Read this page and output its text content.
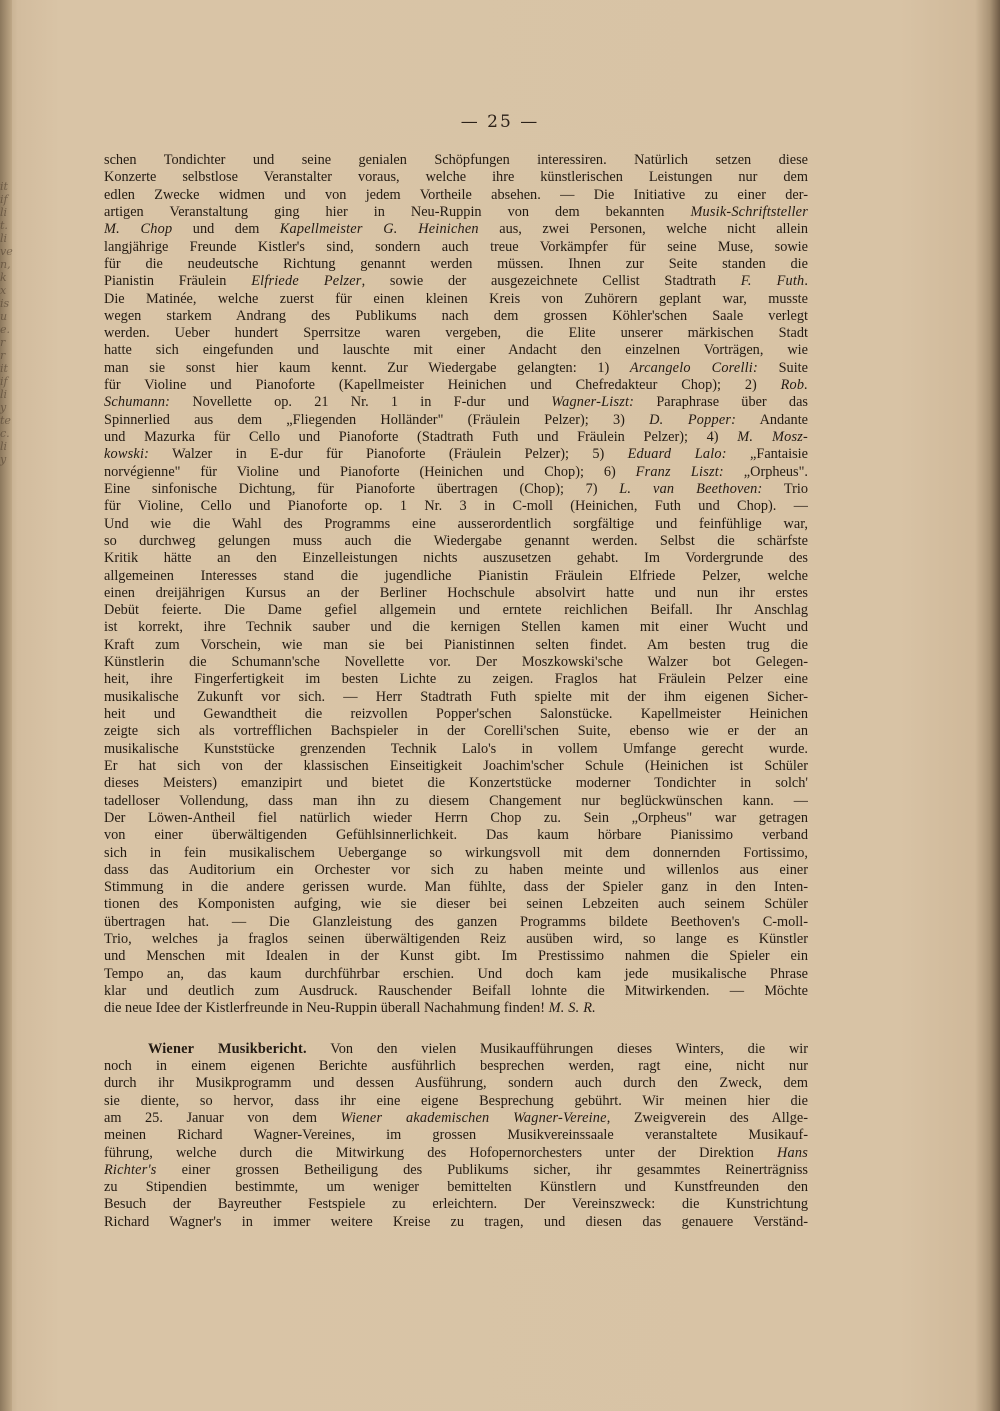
it
if
li
t.
li
ve
n,
k
x
is
u
e.
r
r
it
if
li
y
te
c.
li
y
— 25 —
schen Tondichter und seine genialen Schöpfungen interessiren. Natürlich setzen diese
Konzerte selbstlose Veranstalter voraus, welche ihre künstlerischen Leistungen nur dem
edlen Zwecke widmen und von jedem Vortheile absehen. — Die Initiative zu einer der-
artigen Veranstaltung ging hier in Neu-Ruppin von dem bekannten Musik-Schriftsteller
M. Chop und dem Kapellmeister G. Heinichen aus, zwei Personen, welche nicht allein
langjährige Freunde Kistler's sind, sondern auch treue Vorkämpfer für seine Muse, sowie
für die neudeutsche Richtung genannt werden müssen. Ihnen zur Seite standen die
Pianistin Fräulein Elfriede Pelzer, sowie der ausgezeichnete Cellist Stadtrath F. Futh.
Die Matinée, welche zuerst für einen kleinen Kreis von Zuhörern geplant war, musste
wegen starkem Andrang des Publikums nach dem grossen Köhler'schen Saale verlegt
werden. Ueber hundert Sperrsitze waren vergeben, die Elite unserer märkischen Stadt
hatte sich eingefunden und lauschte mit einer Andacht den einzelnen Vorträgen, wie
man sie sonst hier kaum kennt. Zur Wiedergabe gelangten: 1) Arcangelo Corelli: Suite
für Violine und Pianoforte (Kapellmeister Heinichen und Chefredakteur Chop); 2) Rob.
Schumann: Novellette op. 21 Nr. 1 in F-dur und Wagner-Liszt: Paraphrase über das
Spinnerlied aus dem „Fliegenden Holländer" (Fräulein Pelzer); 3) D. Popper: Andante
und Mazurka für Cello und Pianoforte (Stadtrath Futh und Fräulein Pelzer); 4) M. Mosz-
kowski: Walzer in E-dur für Pianoforte (Fräulein Pelzer); 5) Eduard Lalo: „Fantaisie
norvégienne" für Violine und Pianoforte (Heinichen und Chop); 6) Franz Liszt: „Orpheus".
Eine sinfonische Dichtung, für Pianoforte übertragen (Chop); 7) L. van Beethoven: Trio
für Violine, Cello und Pianoforte op. 1 Nr. 3 in C-moll (Heinichen, Futh und Chop). —
Und wie die Wahl des Programms eine ausserordentlich sorgfältige und feinfühlige war,
so durchweg gelungen muss auch die Wiedergabe genannt werden. Selbst die schärfste
Kritik hätte an den Einzelleistungen nichts auszusetzen gehabt. Im Vordergrunde des
allgemeinen Interesses stand die jugendliche Pianistin Fräulein Elfriede Pelzer, welche
einen dreijährigen Kursus an der Berliner Hochschule absolvirt hatte und nun ihr erstes
Debüt feierte. Die Dame gefiel allgemein und erntete reichlichen Beifall. Ihr Anschlag
ist korrekt, ihre Technik sauber und die kernigen Stellen kamen mit einer Wucht und
Kraft zum Vorschein, wie man sie bei Pianistinnen selten findet. Am besten trug die
Künstlerin die Schumann'sche Novellette vor. Der Moszkowski'sche Walzer bot Gelegen-
heit, ihre Fingerfertigkeit im besten Lichte zu zeigen. Fraglos hat Fräulein Pelzer eine
musikalische Zukunft vor sich. — Herr Stadtrath Futh spielte mit der ihm eigenen Sicher-
heit und Gewandtheit die reizvollen Popper'schen Salonstücke. Kapellmeister Heinichen
zeigte sich als vortrefflichen Bachspieler in der Corelli'schen Suite, ebenso wie er der an
musikalische Kunststücke grenzenden Technik Lalo's in vollem Umfange gerecht wurde.
Er hat sich von der klassischen Einseitigkeit Joachim'scher Schule (Heinichen ist Schüler
dieses Meisters) emanzipirt und bietet die Konzertstücke moderner Tondichter in solch'
tadelloser Vollendung, dass man ihn zu diesem Changement nur beglückwünschen kann. —
Der Löwen-Antheil fiel natürlich wieder Herrn Chop zu. Sein „Orpheus" war getragen
von einer überwältigenden Gefühlsinnerlichkeit. Das kaum hörbare Pianissimo verband
sich in fein musikalischem Uebergange so wirkungsvoll mit dem donnernden Fortissimo,
dass das Auditorium ein Orchester vor sich zu haben meinte und willenlos aus einer
Stimmung in die andere gerissen wurde. Man fühlte, dass der Spieler ganz in den Inten-
tionen des Komponisten aufging, wie sie dieser bei seinen Lebzeiten auch seinem Schüler
übertragen hat. — Die Glanzleistung des ganzen Programms bildete Beethoven's C-moll-
Trio, welches ja fraglos seinen überwältigenden Reiz ausüben wird, so lange es Künstler
und Menschen mit Idealen in der Kunst gibt. Im Prestissimo nahmen die Spieler ein
Tempo an, das kaum durchführbar erschien. Und doch kam jede musikalische Phrase
klar und deutlich zum Ausdruck. Rauschender Beifall lohnte die Mitwirkenden. — Möchte
die neue Idee der Kistlerfreunde in Neu-Ruppin überall Nachahmung finden! M. S. R.
Wiener Musikbericht. Von den vielen Musikaufführungen dieses Winters, die wir
noch in einem eigenen Berichte ausführlich besprechen werden, ragt eine, nicht nur
durch ihr Musikprogramm und dessen Ausführung, sondern auch durch den Zweck, dem
sie diente, so hervor, dass ihr eine eigene Besprechung gebührt. Wir meinen hier die
am 25. Januar von dem Wiener akademischen Wagner-Vereine, Zweigverein des Allge-
meinen Richard Wagner-Vereines, im grossen Musikvereinssaale veranstaltete Musikauf-
führung, welche durch die Mitwirkung des Hofopernorchesters unter der Direktion Hans
Richter's einer grossen Betheiligung des Publikums sicher, ihr gesammtes Reinerträgniss
zu Stipendien bestimmte, um weniger bemittelten Künstlern und Kunstfreunden den
Besuch der Bayreuther Festspiele zu erleichtern. Der Vereinszweck: die Kunstrichtung
Richard Wagner's in immer weitere Kreise zu tragen, und diesen das genauere Verständ-
